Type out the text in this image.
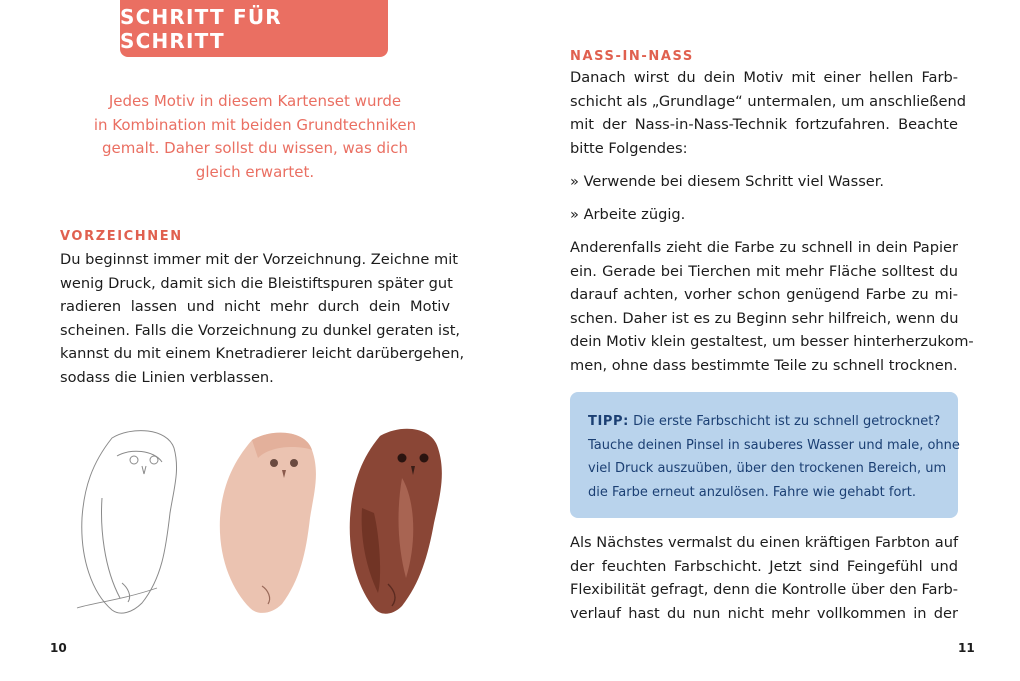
SCHRITT FÜR SCHRITT
Jedes Motiv in diesem Kartenset wurde
in Kombination mit beiden Grundtechniken
gemalt. Daher sollst du wissen, was dich
gleich erwartet.
VORZEICHNEN
Du beginnst immer mit der Vorzeichnung. Zeichne mit
wenig Druck, damit sich die Bleistiftspuren später gut
radieren lassen und nicht mehr durch dein Motiv
scheinen. Falls die Vorzeichnung zu dunkel geraten ist,
kannst du mit einem Knetradierer leicht darübergehen,
sodass die Linien verblassen.
10
NASS-IN-NASS
Danach wirst du dein Motiv mit einer hellen Farb-
schicht als „Grundlage“ untermalen, um anschließend
mit der Nass-in-Nass-Technik fortzufahren. Beachte
bitte Folgendes:
» Verwende bei diesem Schritt viel Wasser.
» Arbeite zügig.
Anderenfalls zieht die Farbe zu schnell in dein Papier
ein. Gerade bei Tierchen mit mehr Fläche solltest du
darauf achten, vorher schon genügend Farbe zu mi-
schen. Daher ist es zu Beginn sehr hilfreich, wenn du
dein Motiv klein gestaltest, um besser hinterherzukom-
men, ohne dass bestimmte Teile zu schnell trocknen.
TIPP: Die erste Farbschicht ist zu schnell getrocknet?
Tauche deinen Pinsel in sauberes Wasser und male, ohne
viel Druck auszuüben, über den trockenen Bereich, um
die Farbe erneut anzulösen. Fahre wie gehabt fort.
Als Nächstes vermalst du einen kräftigen Farbton auf
der feuchten Farbschicht. Jetzt sind Feingefühl und
Flexibilität gefragt, denn die Kontrolle über den Farb-
verlauf hast du nun nicht mehr vollkommen in der
11
